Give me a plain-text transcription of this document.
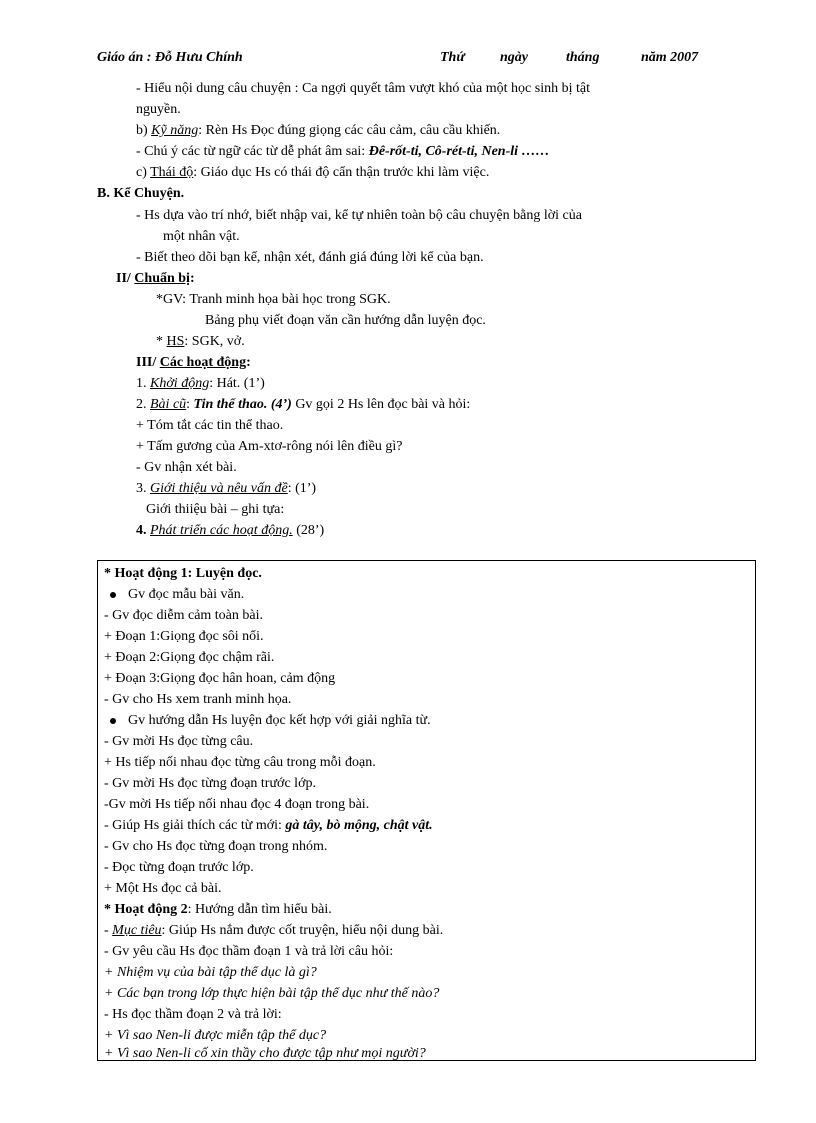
Giáo án : Đỗ Hưu Chính	Thứ	ngày	tháng	năm 2007
- Hiểu nội dung câu chuyện : Ca ngợi quyết tâm vượt khó của một học sinh bị tật
nguyền.
b) Kỹ năng: Rèn Hs Đọc đúng giọng các câu cảm, câu cầu khiến.
- Chú ý các từ ngữ các từ dễ phát âm sai: Đê-rốt-ti, Cô-rét-ti, Nen-li ……
c) Thái độ: Giáo dục Hs có thái độ cẩn thận trước khi làm việc.
B. Kể Chuyện.
- Hs dựa vào trí nhớ, biết nhập vai, kể tự nhiên toàn bộ câu chuyện bằng lời của
một nhân vật.
- Biết theo dõi bạn kể, nhận xét, đánh giá đúng lời kể của bạn.
II/ Chuẩn bị:
*GV: Tranh minh họa bài học trong SGK.
Bảng phụ viết đoạn văn cần hướng dẫn luyện đọc.
* HS: SGK, vở.
III/ Các hoạt động:
1. Khởi động: Hát. (1’)
2. Bài cũ: Tin thể thao. (4’) Gv gọi 2 Hs lên đọc bài và hỏi:
+ Tóm tắt các tin thể thao.
+ Tấm gương của Am-xtơ-rông nói lên điều gì?
- Gv nhận xét bài.
3. Giới thiệu và nêu vấn đề: (1’)
Giới thiiệu bài – ghi tựa:
4. Phát triển các hoạt động. (28’)
* Hoạt động 1: Luyện đọc.
Gv đọc mẫu bài văn.
- Gv đọc diễm cảm toàn bài.
+ Đoạn 1:Giọng đọc sôi nổi.
+ Đoạn 2:Giọng đọc chậm rãi.
+ Đoạn 3:Giọng đọc hân hoan, cảm động
- Gv cho Hs xem tranh minh họa.
Gv hướng dẫn Hs luyện đọc kết hợp với giải nghĩa từ.
- Gv mời Hs đọc từng câu.
+ Hs tiếp nối nhau đọc từng câu trong mỗi đoạn.
- Gv mời Hs đọc từng đoạn trước lớp.
-Gv mời Hs tiếp nối nhau đọc 4 đoạn trong bài.
- Giúp Hs giải thích các từ mới: gà tây, bò mộng, chật vật.
- Gv cho Hs đọc từng đoạn trong nhóm.
- Đọc từng đoạn trước lớp.
+ Một Hs đọc cả bài.
* Hoạt động 2: Hướng dẫn tìm hiểu bài.
- Mục tiêu: Giúp Hs nắm được cốt truyện, hiểu nội dung bài.
- Gv yêu cầu Hs đọc thầm đoạn 1 và trả lời câu hỏi:
+ Nhiệm vụ của bài tập thể dục là gì?
+ Các bạn trong lớp thực hiện bài tập thể dục như thế nào?
- Hs đọc thầm đoạn 2 và trả lời:
+ Vì sao Nen-li được miễn tập thể dục?
+ Vì sao Nen-li cố xin thầy cho được tập như mọi người?
